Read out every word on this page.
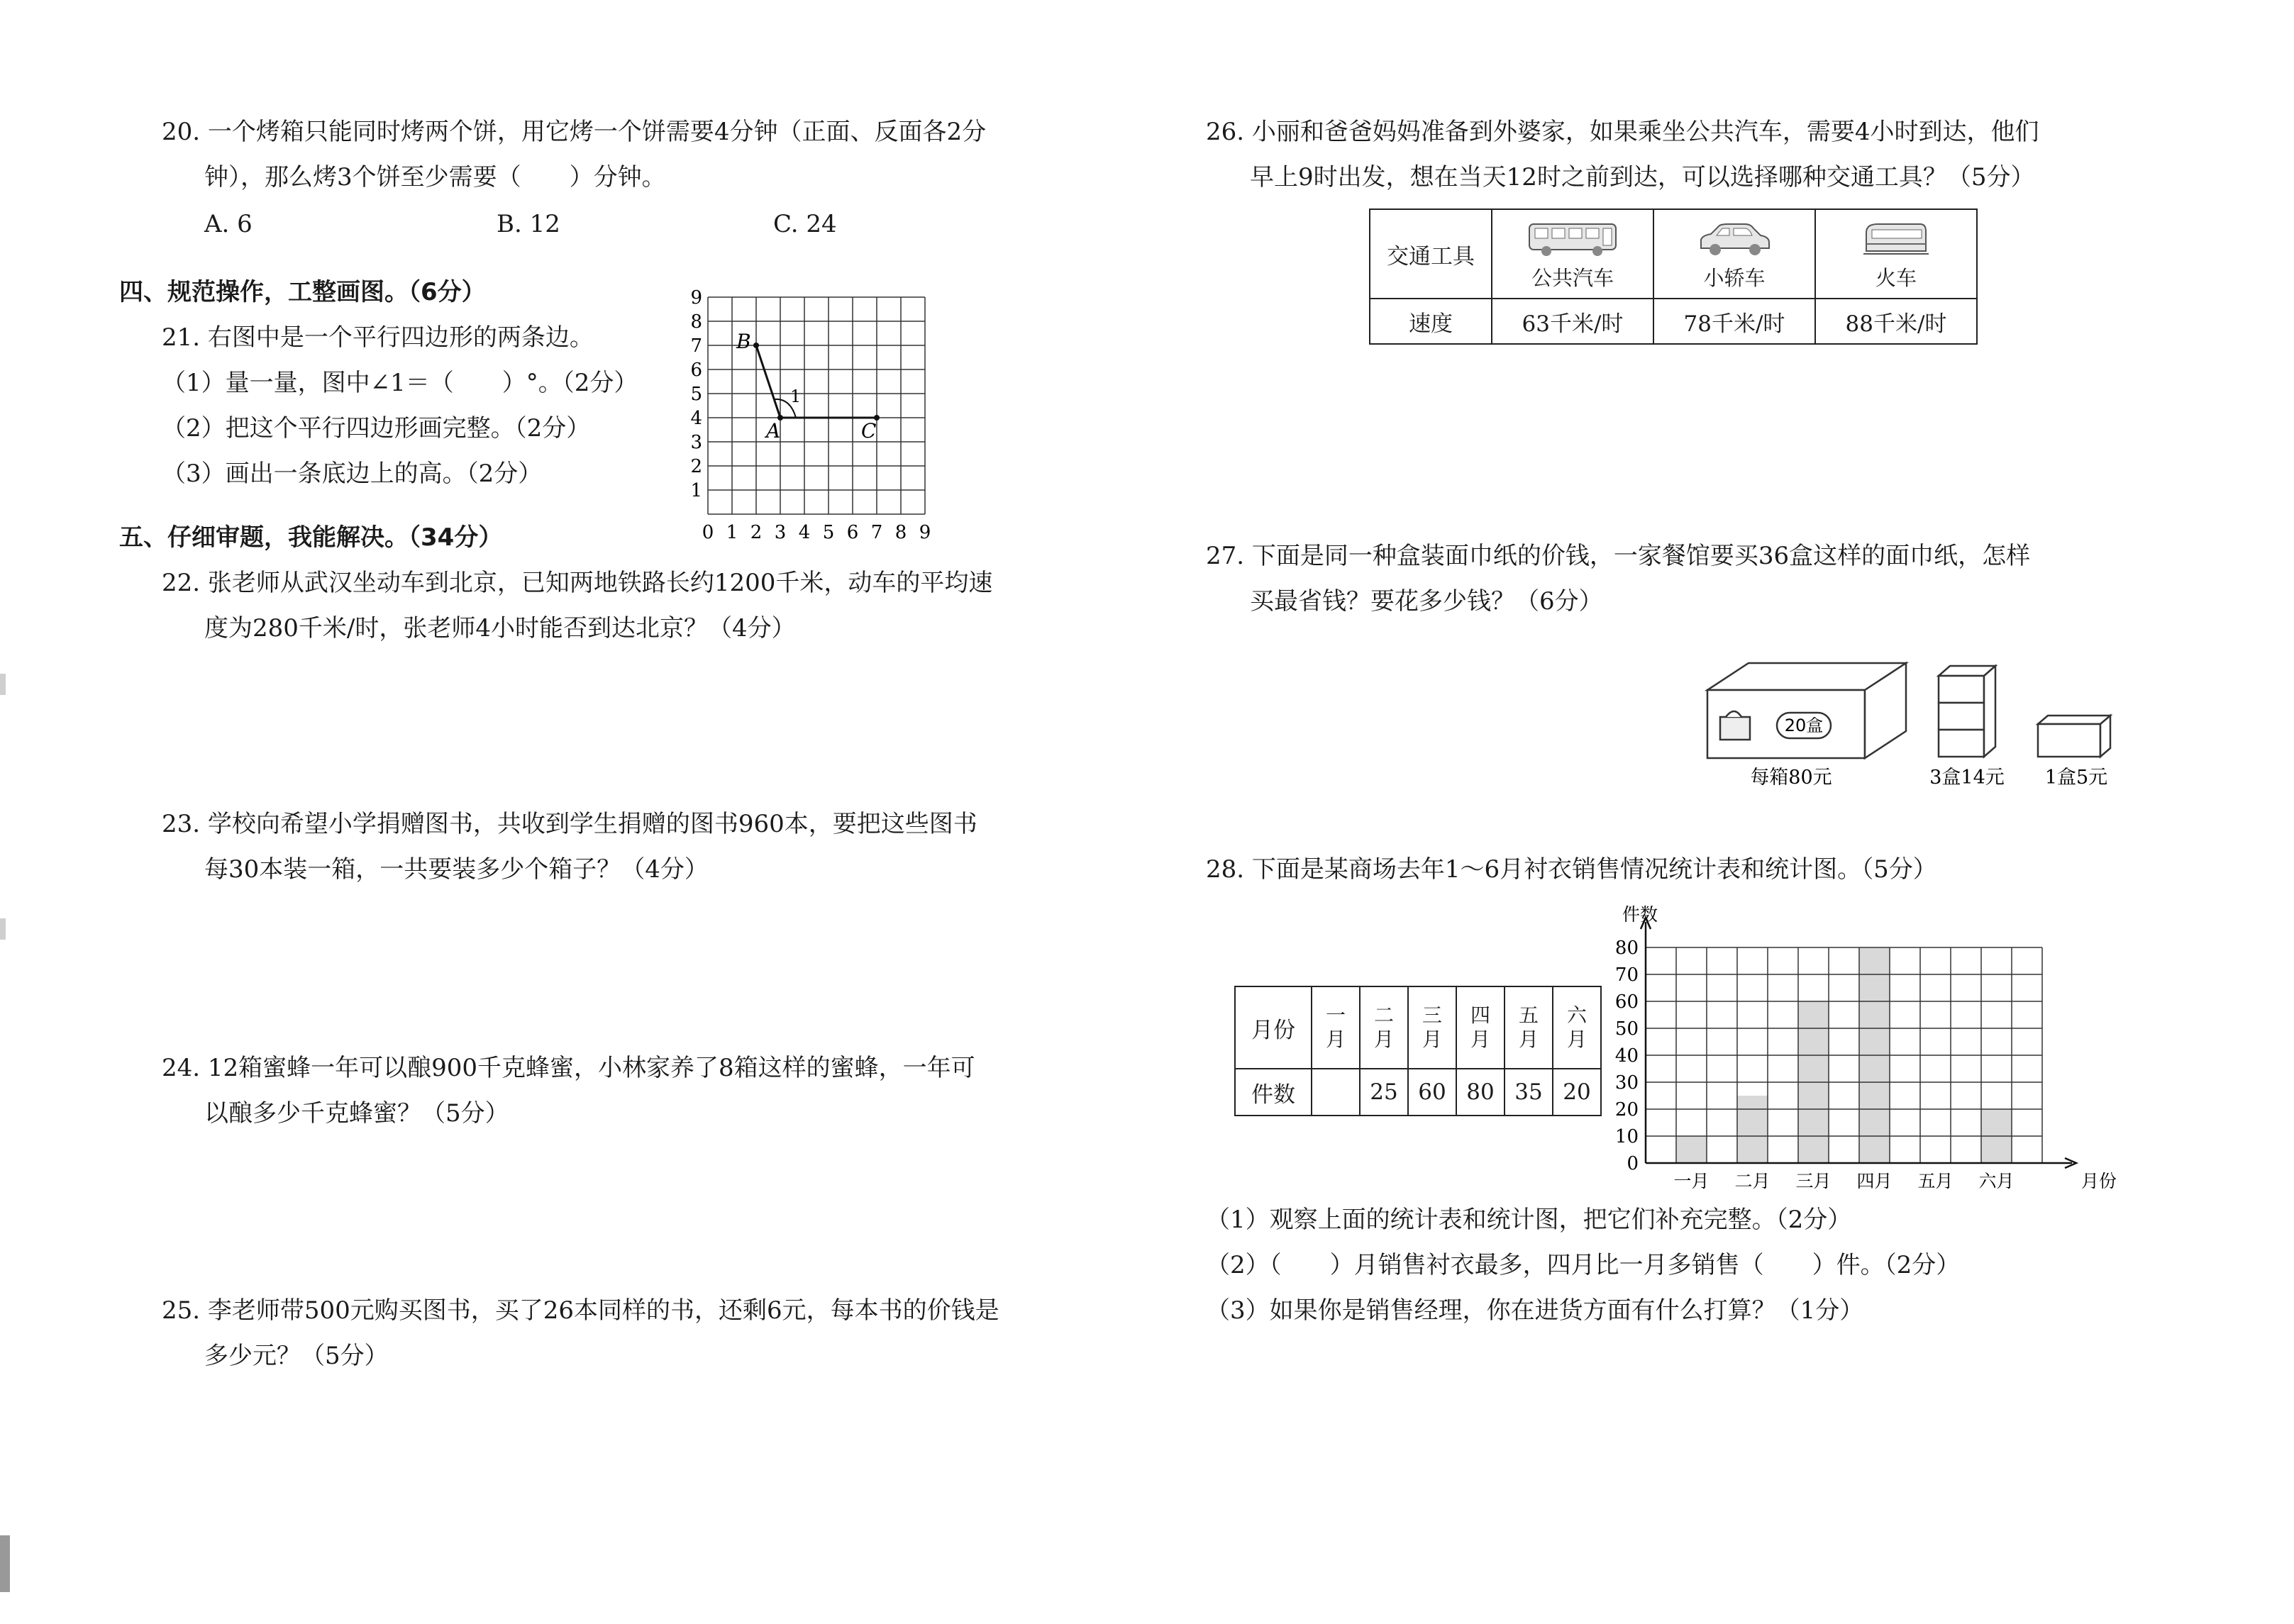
20. 一个烤箱只能同时烤两个饼，用它烤一个饼需要4分钟（正面、反面各2分
钟），那么烤3个饼至少需要（　　）分钟。
A. 6	B. 12	C. 24
四、规范操作，工整画图。（6分）
21. 右图中是一个平行四边形的两条边。
（1）量一量，图中∠1＝（　　）°。（2分）
（2）把这个平行四边形画完整。（2分）
（3）画出一条底边上的高。（2分）
9
8
7
6
5
4
3
2
1
0 1 2 3 4 5 6 7 8 9
B
A	C
1
五、仔细审题，我能解决。（34分）
22. 张老师从武汉坐动车到北京，已知两地铁路长约1200千米，动车的平均速
度为280千米/时，张老师4小时能否到达北京？（4分）
23. 学校向希望小学捐赠图书，共收到学生捐赠的图书960本，要把这些图书
每30本装一箱，一共要装多少个箱子？（4分）
24. 12箱蜜蜂一年可以酿900千克蜂蜜，小林家养了8箱这样的蜜蜂，一年可
以酿多少千克蜂蜜？（5分）
25. 李老师带500元购买图书，买了26本同样的书，还剩6元，每本书的价钱是
多少元？（5分）
26. 小丽和爸爸妈妈准备到外婆家，如果乘坐公共汽车，需要4小时到达，他们
早上9时出发，想在当天12时之前到达，可以选择哪种交通工具？（5分）
交通工具	公共汽车	小轿车	火车

速度	63千米/时	78千米/时	88千米/时
27. 下面是同一种盒装面巾纸的价钱，一家餐馆要买36盒这样的面巾纸，怎样
买最省钱？要花多少钱？（6分）
20盒
每箱80元	3盒14元 1盒5元
28. 下面是某商场去年1～6月衬衣销售情况统计表和统计图。（5分）
月份	一月	二月	三月	四月	五月	六月
件数		25	60	80	35	20
0
10
20
30
40
50
60
70
80
一月 二月 三月 四月 五月 六月
件数
月份
（1）观察上面的统计表和统计图，把它们补充完整。（2分）
（2）（　　）月销售衬衣最多，四月比一月多销售（　　）件。（2分）
（3）如果你是销售经理，你在进货方面有什么打算？（1分）
